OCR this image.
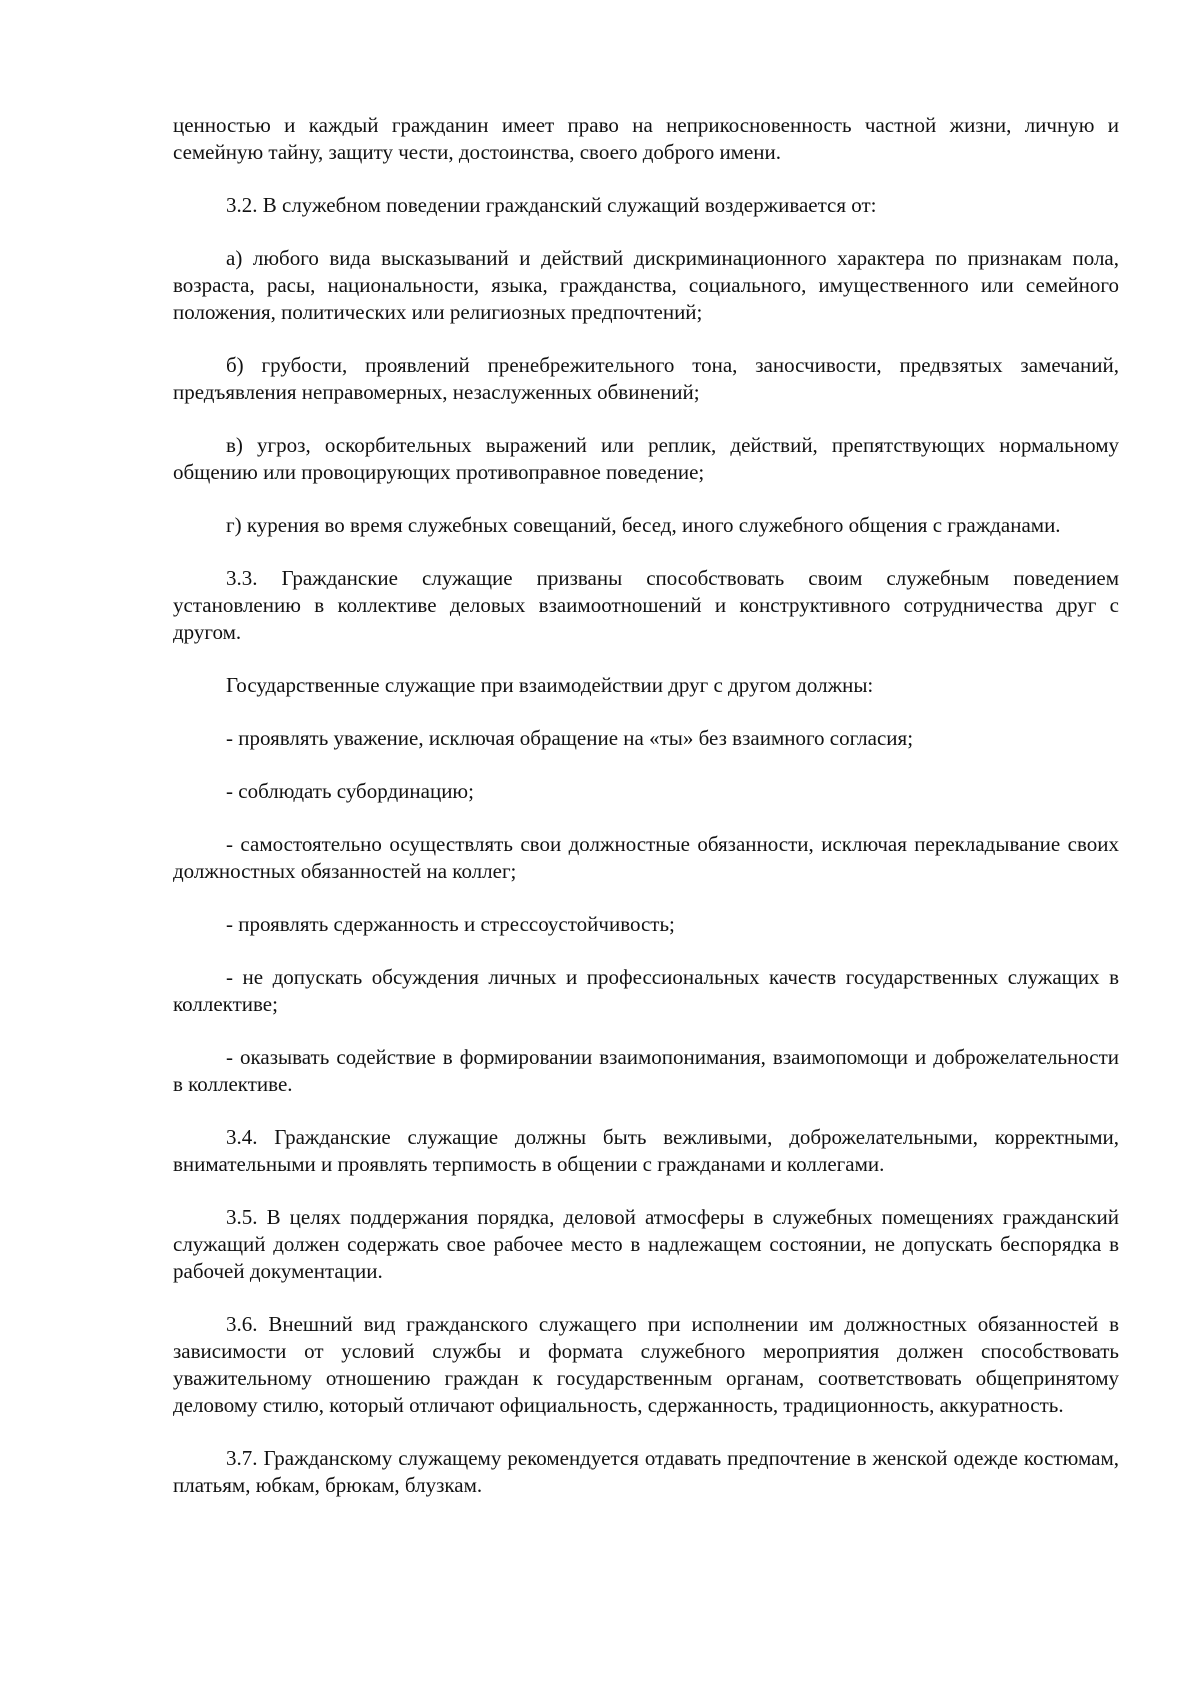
ценностью и каждый гражданин имеет право на неприкосновенность частной жизни, личную и семейную тайну, защиту чести, достоинства, своего доброго имени.

3.2. В служебном поведении гражданский служащий воздерживается от:

а) любого вида высказываний и действий дискриминационного характера по признакам пола, возраста, расы, национальности, языка, гражданства, социального, имущественного или семейного положения, политических или религиозных предпочтений;

б) грубости, проявлений пренебрежительного тона, заносчивости, предвзятых замечаний, предъявления неправомерных, незаслуженных обвинений;

в) угроз, оскорбительных выражений или реплик, действий, препятствующих нормальному общению или провоцирующих противоправное поведение;

г) курения во время служебных совещаний, бесед, иного служебного общения с гражданами.

3.3. Гражданские служащие призваны способствовать своим служебным поведением установлению в коллективе деловых взаимоотношений и конструктивного сотрудничества друг с другом.

Государственные служащие при взаимодействии друг с другом должны:

- проявлять уважение, исключая обращение на «ты» без взаимного согласия;

- соблюдать субординацию;

- самостоятельно осуществлять свои должностные обязанности, исключая перекладывание своих должностных обязанностей на коллег;

- проявлять сдержанность и стрессоустойчивость;

- не допускать обсуждения личных и профессиональных качеств государственных служащих в коллективе;

- оказывать содействие в формировании взаимопонимания, взаимопомощи и доброжелательности в коллективе.

3.4. Гражданские служащие должны быть вежливыми, доброжелательными, корректными, внимательными и проявлять терпимость в общении с гражданами и коллегами.

3.5. В целях поддержания порядка, деловой атмосферы в служебных помещениях гражданский служащий должен содержать свое рабочее место в надлежащем состоянии, не допускать беспорядка в рабочей документации.

3.6. Внешний вид гражданского служащего при исполнении им должностных обязанностей в зависимости от условий службы и формата служебного мероприятия должен способствовать уважительному отношению граждан к государственным органам, соответствовать общепринятому деловому стилю, который отличают официальность, сдержанность, традиционность, аккуратность.

3.7. Гражданскому служащему рекомендуется отдавать предпочтение в женской одежде костюмам, платьям, юбкам, брюкам, блузкам.
